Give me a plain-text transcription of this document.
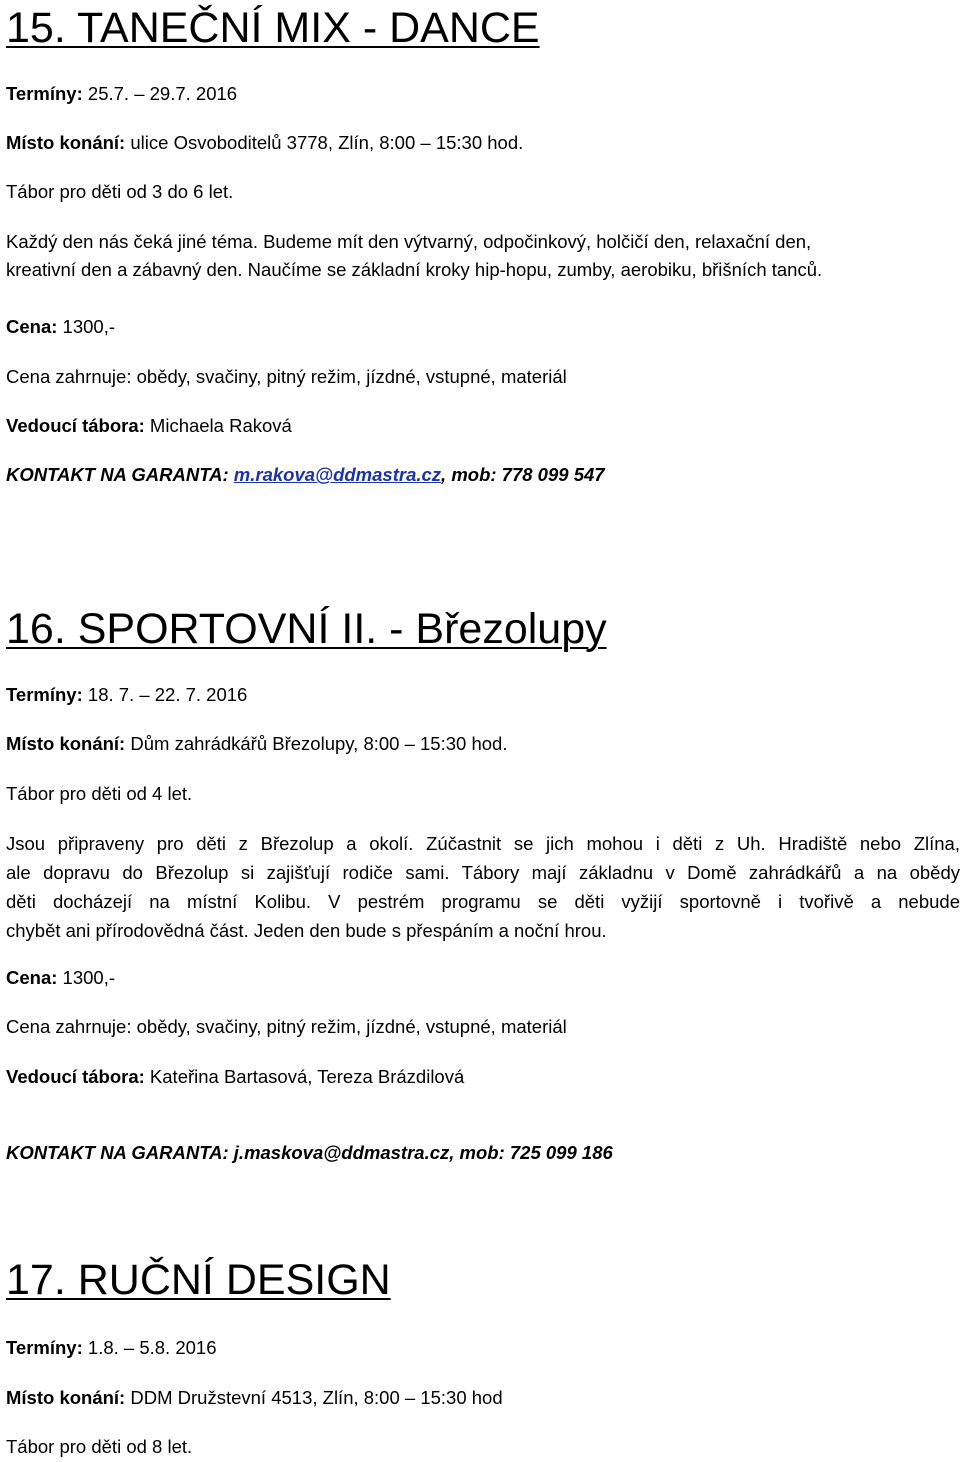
15. TANEČNÍ MIX - DANCE
Termíny: 25.7. – 29.7. 2016
Místo konání: ulice Osvoboditelů 3778, Zlín, 8:00 – 15:30 hod.
Tábor pro děti od 3 do 6 let.
Každý den nás čeká jiné téma. Budeme mít den výtvarný, odpočinkový, holčičí den, relaxační den,
kreativní den a zábavný den. Naučíme se základní kroky hip-hopu, zumby, aerobiku, břišních tanců.
Cena: 1300,-
Cena zahrnuje: obědy, svačiny, pitný režim, jízdné, vstupné, materiál
Vedoucí tábora: Michaela Raková
KONTAKT NA GARANTA: m.rakova@ddmastra.cz, mob: 778 099 547
16. SPORTOVNÍ II. - Březolupy
Termíny: 18. 7. – 22. 7. 2016
Místo konání: Dům zahrádkářů Březolupy, 8:00 – 15:30 hod.
Tábor pro děti od 4 let.
Jsou připraveny pro děti z Březolup a okolí. Zúčastnit se jich mohou i děti z Uh. Hradiště nebo Zlína,
ale dopravu do Březolup si zajišťují rodiče sami. Tábory mají základnu v Domě zahrádkářů a na obědy
děti docházejí na místní Kolibu. V pestrém programu se děti vyžijí sportovně i tvořivě a nebude
chybět ani přírodovědná část. Jeden den bude s přespáním a noční hrou.
Cena: 1300,-
Cena zahrnuje: obědy, svačiny, pitný režim, jízdné, vstupné, materiál
Vedoucí tábora: Kateřina Bartasová, Tereza Brázdilová
KONTAKT NA GARANTA: j.maskova@ddmastra.cz, mob: 725 099 186
17. RUČNÍ DESIGN
Termíny: 1.8. – 5.8. 2016
Místo konání: DDM Družstevní 4513, Zlín, 8:00 – 15:30 hod
Tábor pro děti od 8 let.
